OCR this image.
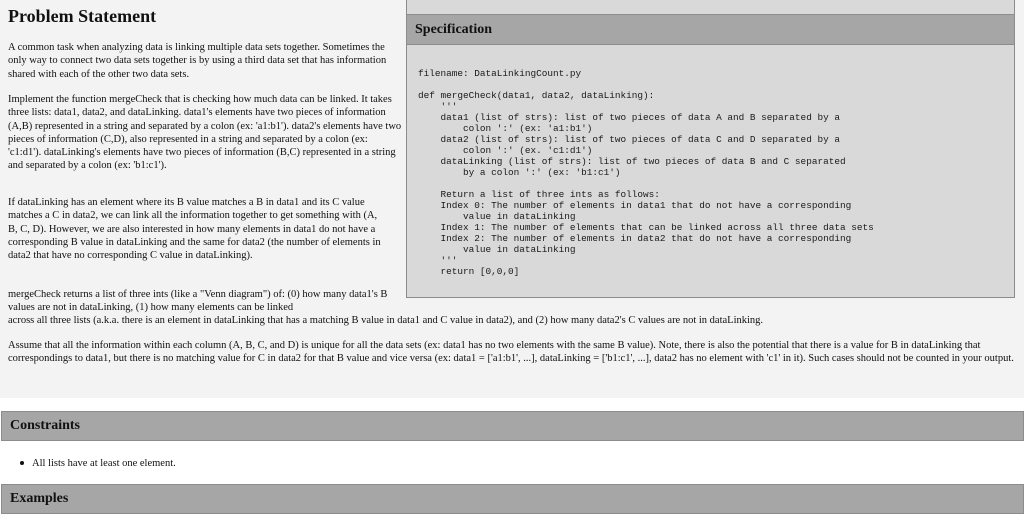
Problem Statement

A common task when analyzing data is linking multiple data sets together. Sometimes the only way to connect two data sets together is by using a third data set that has information shared with each of the other two data sets.

Implement the function mergeCheck that is checking how much data can be linked. It takes three lists: data1, data2, and dataLinking. data1's elements have two pieces of information (A,B) represented in a string and separated by a colon (ex: 'a1:b1'). data2's elements have two pieces of information (C,D), also represented in a string and separated by a colon (ex: 'c1:d1'). dataLinking's elements have two pieces of information (B,C) represented in a string and separated by a colon (ex: 'b1:c1').

If dataLinking has an element where its B value matches a B in data1 and its C value matches a C in data2, we can link all the information together to get something with (A, B, C, D). However, we are also interested in how many elements in data1 do not have a corresponding B value in dataLinking and the same for data2 (the number of elements in data2 that have no corresponding C value in dataLinking).

mergeCheck returns a list of three ints (like a "Venn diagram") of: (0) how many data1's B values are not in dataLinking, (1) how many elements can be linked

across all three lists (a.k.a. there is an element in dataLinking that has a matching B value in data1 and C value in data2), and (2) how many data2's C values are not in dataLinking.

Assume that all the information within each column (A, B, C, and D) is unique for all the data sets (ex: data1 has no two elements with the same B value). Note, there is also the potential that there is a value for B in dataLinking that correspondings to data1, but there is no matching value for C in data2 for that B value and vice versa (ex: data1 = ['a1:b1', ...], dataLinking = ['b1:c1', ...], data2 has no element with 'c1' in it). Such cases should not be counted in your output.

Specification
filename: DataLinkingCount.py

def mergeCheck(data1, data2, dataLinking):
'''
data1 (list of strs): list of two pieces of data A and B separated by a
colon ':' (ex: 'a1:b1')
data2 (list of strs): list of two pieces of data C and D separated by a
colon ':' (ex. 'c1:d1')
dataLinking (list of strs): list of two pieces of data B and C separated
by a colon ':' (ex: 'b1:c1')

Return a list of three ints as follows:
Index 0: The number of elements in data1 that do not have a corresponding
value in dataLinking
Index 1: The number of elements that can be linked across all three data sets
Index 2: The number of elements in data2 that do not have a corresponding
value in dataLinking
'''
return [0,0,0]
Constraints
All lists have at least one element.
Examples
